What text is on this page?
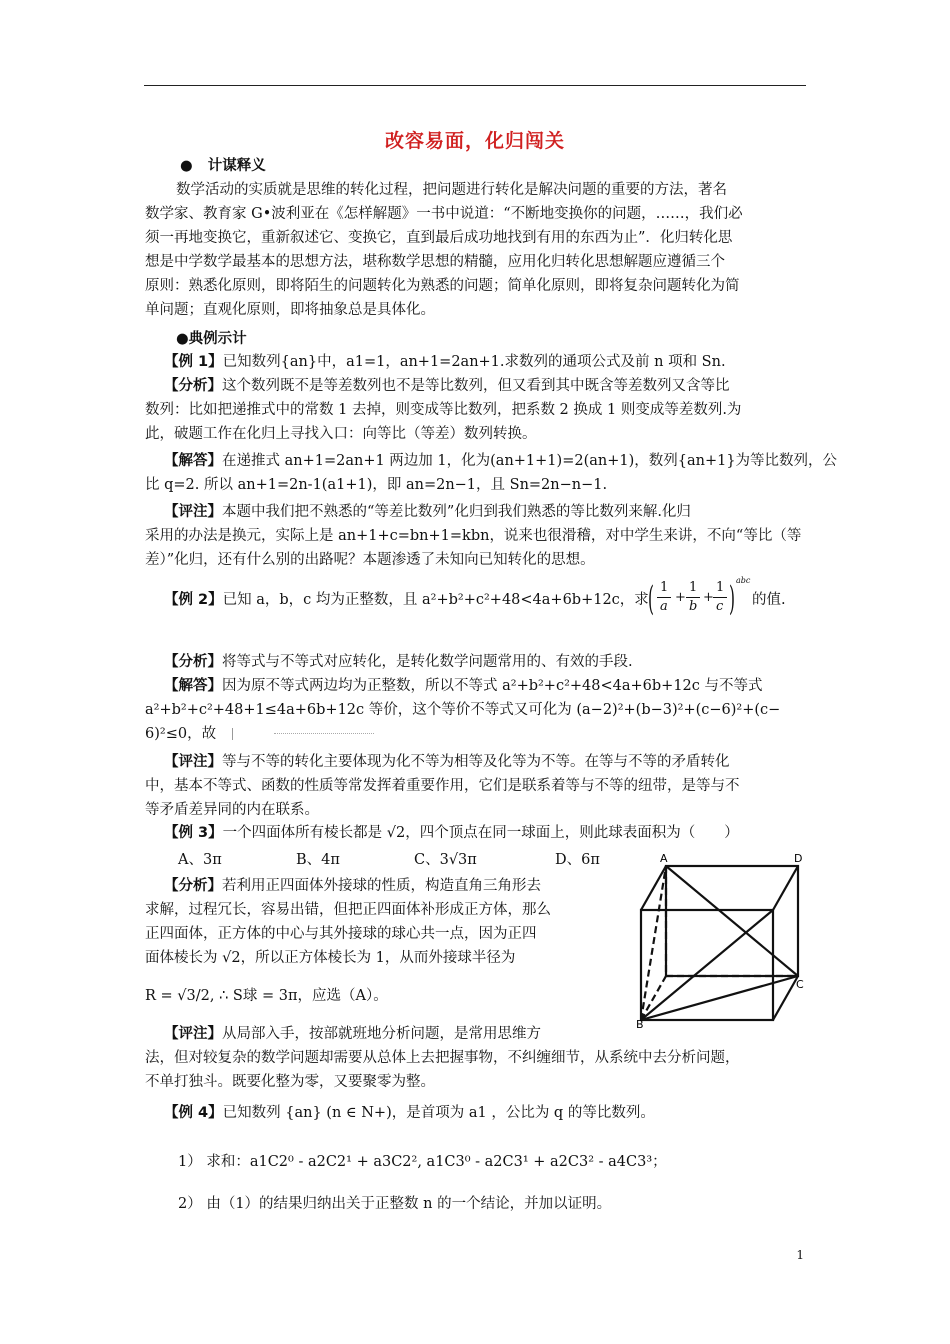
改容易面，化归闯关
●   计谋释义
数学活动的实质就是思维的转化过程，把问题进行转化是解决问题的重要的方法，著名
数学家、教育家 G•波利亚在《怎样解题》一书中说道：“不断地变换你的问题，……，我们必
须一再地变换它，重新叙述它、变换它，直到最后成功地找到有用的东西为止”．化归转化思
想是中学数学最基本的思想方法，堪称数学思想的精髓，应用化归转化思想解题应遵循三个
原则：熟悉化原则，即将陌生的问题转化为熟悉的问题；简单化原则，即将复杂问题转化为简
单问题；直观化原则，即将抽象总是具体化。
●典例示计
【例 1】已知数列{an}中，a1=1，an+1=2an+1.求数列的通项公式及前 n 项和 Sn.
【分析】这个数列既不是等差数列也不是等比数列，但又看到其中既含等差数列又含等比
数列：比如把递推式中的常数 1 去掉，则变成等比数列，把系数 2 换成 1 则变成等差数列.为
此，破题工作在化归上寻找入口：向等比（等差）数列转换。
【解答】在递推式 an+1=2an+1 两边加 1，化为(an+1+1)=2(an+1)，数列{an+1}为等比数列，公
比 q=2. 所以 an+1=2n-1(a1+1)，即 an=2n−1，且 Sn=2n−n−1.
【评注】本题中我们把不熟悉的“等差比数列”化归到我们熟悉的等比数列来解.化归
采用的办法是换元，实际上是 an+1+c=bn+1=kbn，说来也很滑稽，对中学生来讲，不向“等比（等
差）”化归，还有什么别的出路呢？本题渗透了未知向已知转化的思想。
【例 2】已知 a，b，c 均为正整数，且 a²+b²+c²+48<4a+6b+12c，求 ( 1
a
+
1
b
+
1
c ) abc
的值.
【分析】将等式与不等式对应转化，是转化数学问题常用的、有效的手段.
【解答】因为原不等式两边均为正整数，所以不等式 a²+b²+c²+48<4a+6b+12c 与不等式
a²+b²+c²+48+1≤4a+6b+12c 等价，这个等价不等式又可化为 (a−2)²+(b−3)²+(c−6)²+(c−
6)²≤0，故
【评注】等与不等的转化主要体现为化不等为相等及化等为不等。在等与不等的矛盾转化
中，基本不等式、函数的性质等常发挥着重要作用，它们是联系着等与不等的纽带，是等与不
等矛盾差异同的内在联系。
【例 3】一个四面体所有棱长都是 √2，四个顶点在同一球面上，则此球表面积为（　　）
A、3π	B、4π	C、3√3π	D、6π
【分析】若利用正四面体外接球的性质，构造直角三角形去
求解，过程冗长，容易出错，但把正四面体补形成正方体，那么
正四面体，正方体的中心与其外接球的球心共一点，因为正四
面体棱长为 √2，所以正方体棱长为 1，从而外接球半径为
R = √3/2, ∴ S球 = 3π，应选（A）。
A	D
C
B
【评注】从局部入手，按部就班地分析问题，是常用思维方
法，但对较复杂的数学问题却需要从总体上去把握事物，不纠缠细节，从系统中去分析问题，
不单打独斗。既要化整为零，又要聚零为整。
【例 4】已知数列 {an} (n ∈ N+)，是首项为 a1 ，公比为 q 的等比数列。
1） 求和：a1C2⁰ - a2C2¹ + a3C2², a1C3⁰ - a2C3¹ + a2C3² - a4C3³；
2） 由（1）的结果归纳出关于正整数 n 的一个结论，并加以证明。
1
